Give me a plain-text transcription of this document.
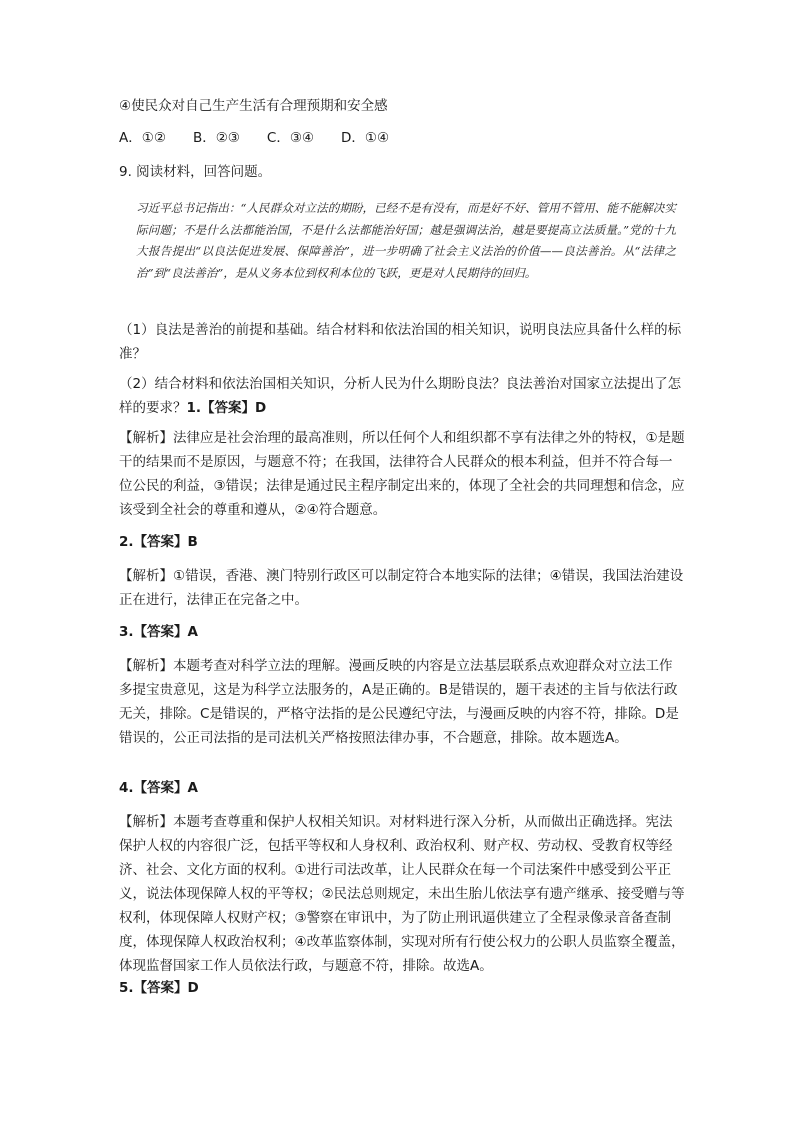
④使民众对自己生产生活有合理预期和安全感

A．①②　　B．②③　　C．③④　　D．①④

9. 阅读材料，回答问题。

习近平总书记指出：“人民群众对立法的期盼，已经不是有没有，而是好不好、管用不管用、能不能解决实际问题；不是什么法都能治国，不是什么法都能治好国；越是强调法治，越是要提高立法质量。”党的十九大报告提出“以良法促进发展、保障善治”，进一步明确了社会主义法治的价值——良法善治。从“法律之治”到“良法善治”，是从义务本位到权利本位的飞跃，更是对人民期待的回归。

（1）良法是善治的前提和基础。结合材料和依法治国的相关知识，说明良法应具备什么样的标准？

（2）结合材料和依法治国相关知识，分析人民为什么期盼良法？良法善治对国家立法提出了怎样的要求？1.【答案】D

【解析】法律应是社会治理的最高准则，所以任何个人和组织都不享有法律之外的特权，①是题干的结果而不是原因，与题意不符；在我国，法律符合人民群众的根本利益，但并不符合每一位公民的利益，③错误；法律是通过民主程序制定出来的，体现了全社会的共同理想和信念，应该受到全社会的尊重和遵从，②④符合题意。

2.【答案】B

【解析】①错误，香港、澳门特别行政区可以制定符合本地实际的法律；④错误，我国法治建设正在进行，法律正在完备之中。

3.【答案】A

【解析】本题考查对科学立法的理解。漫画反映的内容是立法基层联系点欢迎群众对立法工作多提宝贵意见，这是为科学立法服务的，A是正确的。B是错误的，题干表述的主旨与依法行政无关，排除。C是错误的，严格守法指的是公民遵纪守法，与漫画反映的内容不符，排除。D是错误的，公正司法指的是司法机关严格按照法律办事，不合题意，排除。故本题选A。

4.【答案】A

【解析】本题考查尊重和保护人权相关知识。对材料进行深入分析，从而做出正确选择。宪法保护人权的内容很广泛，包括平等权和人身权利、政治权利、财产权、劳动权、受教育权等经济、社会、文化方面的权利。①进行司法改革，让人民群众在每一个司法案件中感受到公平正义，说法体现保障人权的平等权；②民法总则规定，未出生胎儿依法享有遗产继承、接受赠与等权利，体现保障人权财产权；③警察在审讯中，为了防止刑讯逼供建立了全程录像录音备查制度，体现保障人权政治权利；④改革监察体制，实现对所有行使公权力的公职人员监察全覆盖，体现监督国家工作人员依法行政，与题意不符，排除。故选A。

5.【答案】D
